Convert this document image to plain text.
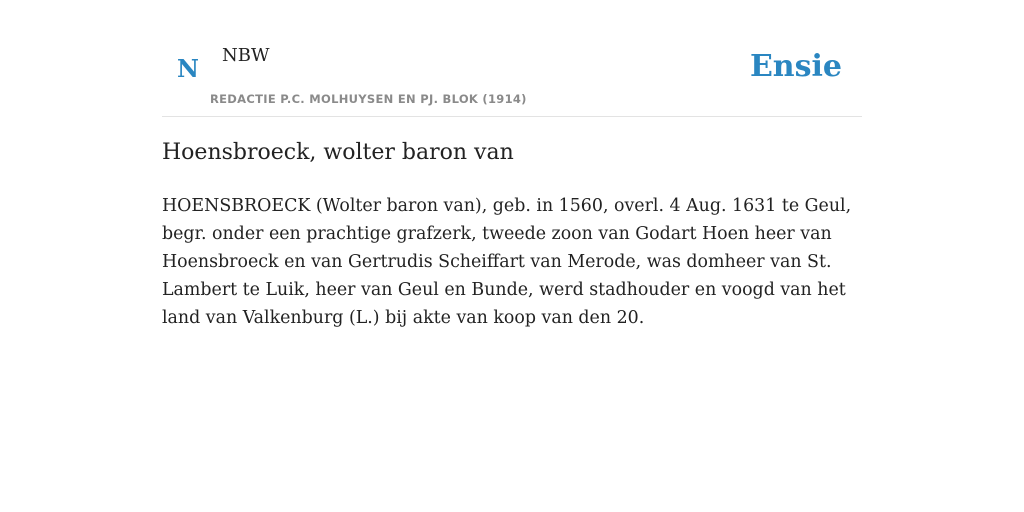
N NBW
REDACTIE P.C. MOLHUYSEN EN PJ. BLOK (1914)
Ensie
Hoensbroeck, wolter baron van

HOENSBROECK (Wolter baron van), geb. in 1560, overl. 4 Aug. 1631 te Geul, begr. onder een prachtige grafzerk, tweede zoon van Godart Hoen heer van Hoensbroeck en van Gertrudis Scheiffart van Merode, was domheer van St. Lambert te Luik, heer van Geul en Bunde, werd stadhouder en voogd van het land van Valkenburg (L.) bij akte van koop van den 20.
